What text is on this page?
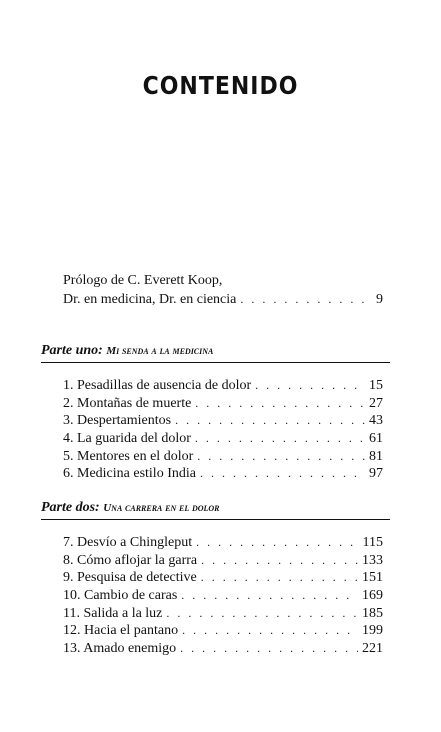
CONTENIDO
Prólogo de C. Everett Koop,
Dr. en medicina, Dr. en ciencia . . .	9
Parte uno: Mi senda a la medicina
1. Pesadillas de ausencia de dolor . . .	15
2. Montañas de muerte . . .	27
3. Despertamientos . . .	43
4. La guarida del dolor . . .	61
5. Mentores en el dolor . . .	81
6. Medicina estilo India . . .	97
Parte dos: Una carrera en el dolor
7. Desvío a Chingleput . . .	115
8. Cómo aflojar la garra . . .	133
9. Pesquisa de detective . . .	151
10. Cambio de caras . . .	169
11. Salida a la luz . . .	185
12. Hacia el pantano . . .	199
13. Amado enemigo . . .	221
